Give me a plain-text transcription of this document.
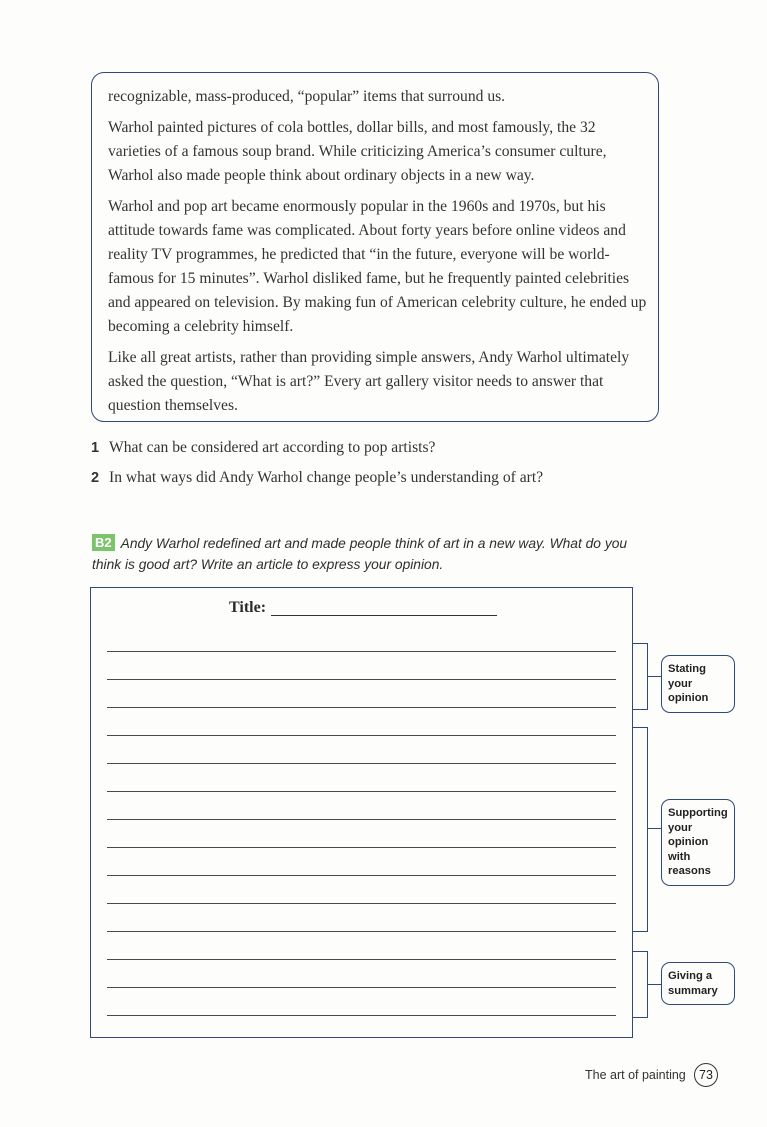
recognizable, mass-produced, “popular” items that surround us.

Warhol painted pictures of cola bottles, dollar bills, and most famously, the 32 varieties of a famous soup brand. While criticizing America’s consumer culture, Warhol also made people think about ordinary objects in a new way.

Warhol and pop art became enormously popular in the 1960s and 1970s, but his attitude towards fame was complicated. About forty years before online videos and reality TV programmes, he predicted that “in the future, everyone will be world-famous for 15 minutes”. Warhol disliked fame, but he frequently painted celebrities and appeared on television. By making fun of American celebrity culture, he ended up becoming a celebrity himself.

Like all great artists, rather than providing simple answers, Andy Warhol ultimately asked the question, “What is art?” Every art gallery visitor needs to answer that question themselves.

1 What can be considered art according to pop artists?
2 In what ways did Andy Warhol change people’s understanding of art?
B2 Andy Warhol redefined art and made people think of art in a new way. What do you think is good art? Write an article to express your opinion.
Title:
Stating your opinion
Supporting your opinion with reasons
Giving a summary
The art of painting	73
